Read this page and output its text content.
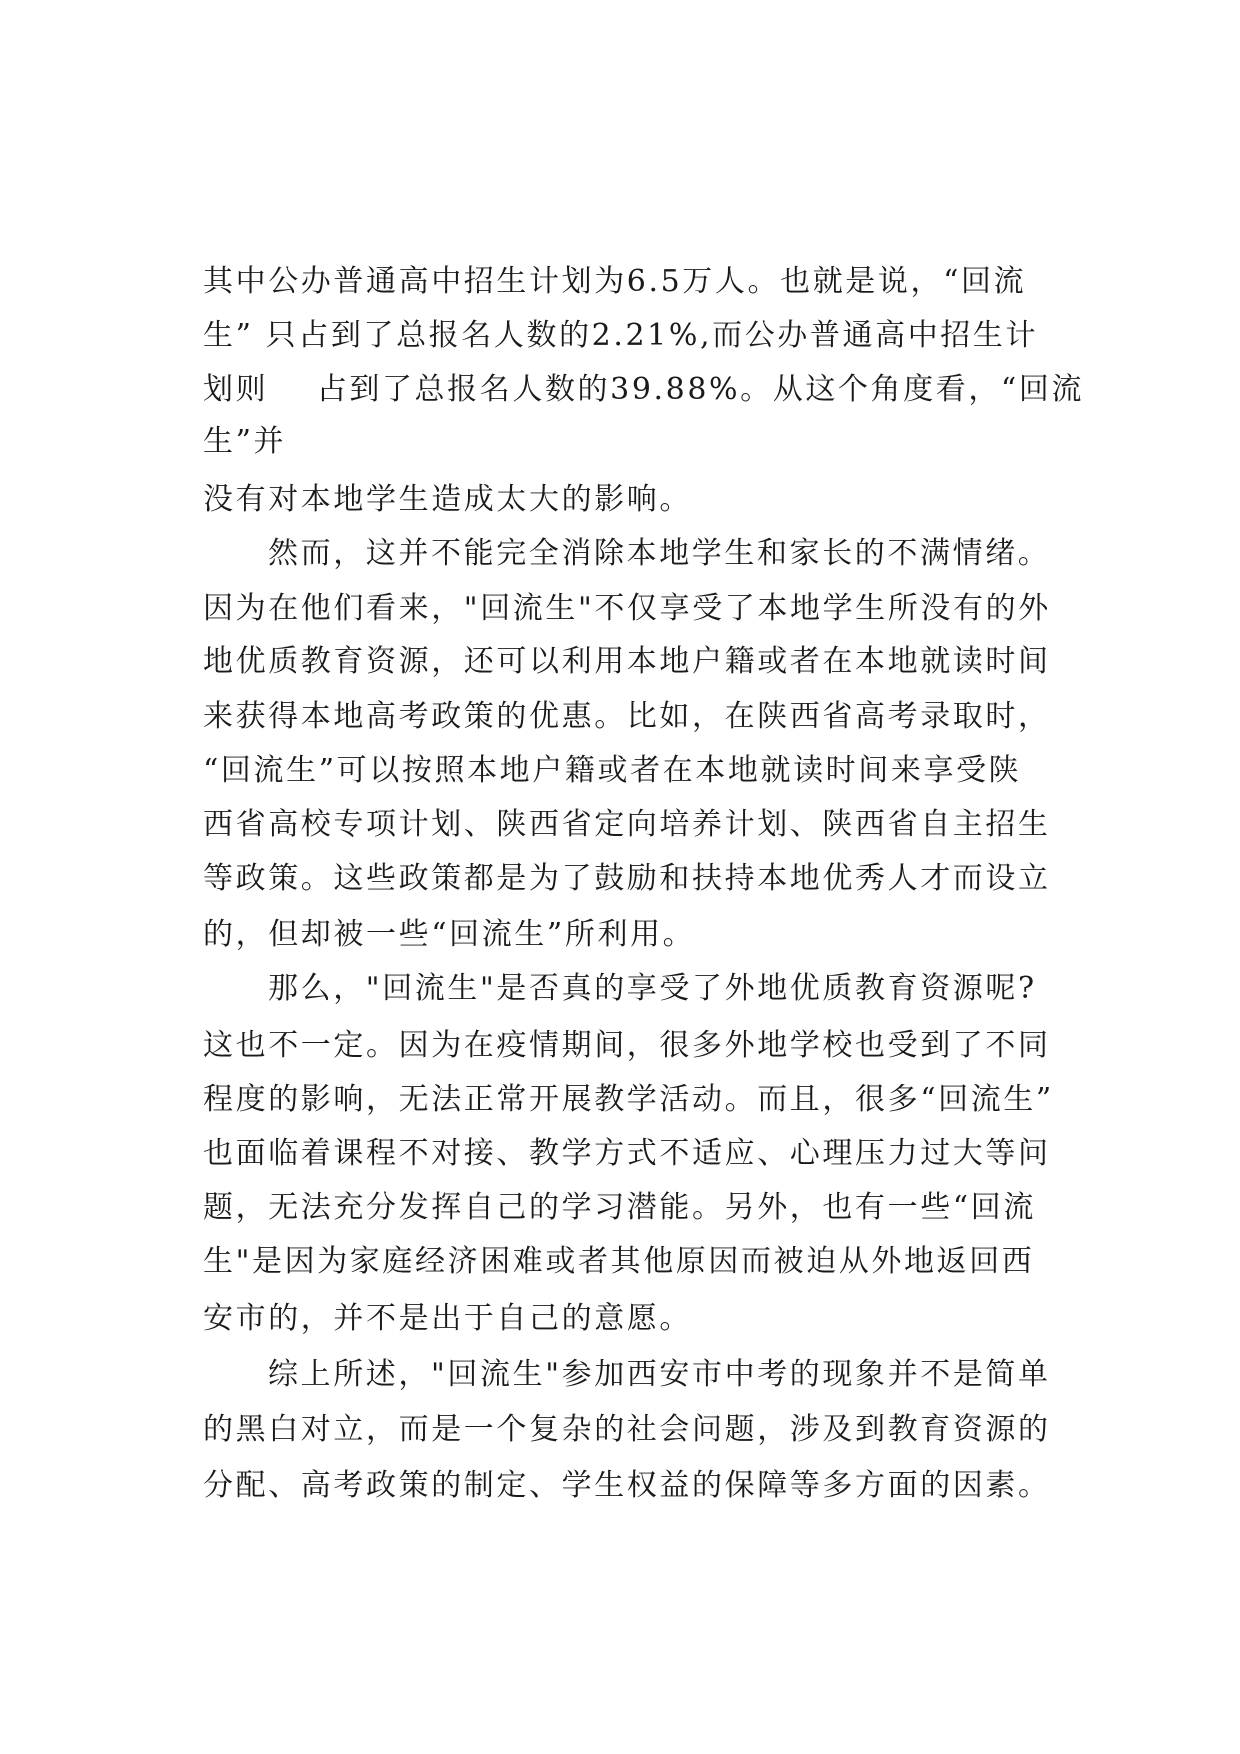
其中公办普通高中招生计划为6.5万人。也就是说，“回流
生” 只占到了总报名人数的2.21%,而公办普通高中招生计
划则    占到了总报名人数的39.88%。从这个角度看，“回流
生”并
没有对本地学生造成太大的影响。
然而，这并不能完全消除本地学生和家长的不满情绪。
因为在他们看来，"回流生"不仅享受了本地学生所没有的外
地优质教育资源，还可以利用本地户籍或者在本地就读时间
来获得本地高考政策的优惠。比如，在陕西省高考录取时，
“回流生”可以按照本地户籍或者在本地就读时间来享受陕
西省高校专项计划、陕西省定向培养计划、陕西省自主招生
等政策。这些政策都是为了鼓励和扶持本地优秀人才而设立
的，但却被一些“回流生”所利用。
那么，"回流生"是否真的享受了外地优质教育资源呢?
这也不一定。因为在疫情期间，很多外地学校也受到了不同
程度的影响，无法正常开展教学活动。而且，很多“回流生”
也面临着课程不对接、教学方式不适应、心理压力过大等问
题，无法充分发挥自己的学习潜能。另外，也有一些“回流
生"是因为家庭经济困难或者其他原因而被迫从外地返回西
安市的，并不是出于自己的意愿。
综上所述，"回流生"参加西安市中考的现象并不是简单
的黑白对立，而是一个复杂的社会问题，涉及到教育资源的
分配、高考政策的制定、学生权益的保障等多方面的因素。
